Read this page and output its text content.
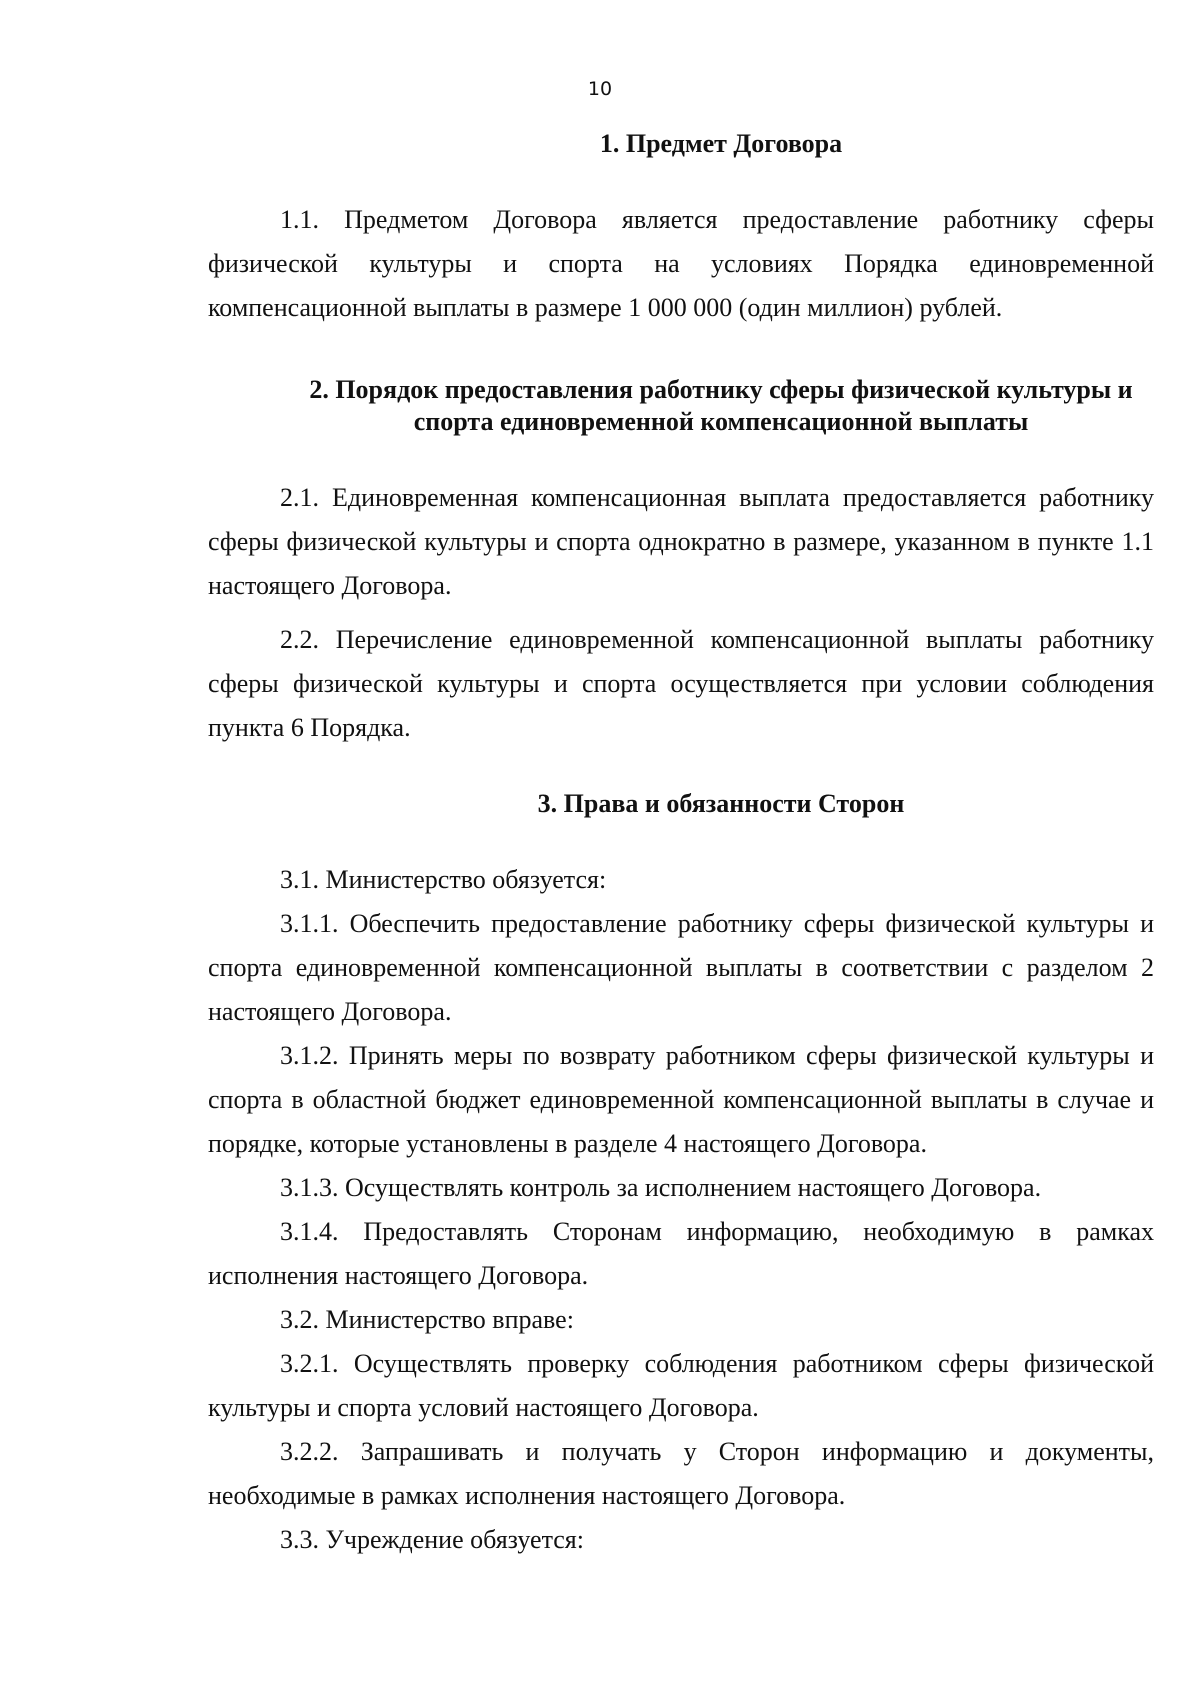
10
1. Предмет Договора

1.1. Предметом Договора является предоставление работнику сферы физической культуры и спорта на условиях Порядка единовременной компенсационной выплаты в размере 1 000 000 (один миллион) рублей.

2. Порядок предоставления работнику сферы физической культуры и
спорта единовременной компенсационной выплаты

2.1. Единовременная компенсационная выплата предоставляется работнику сферы физической культуры и спорта однократно в размере, указанном в пункте 1.1 настоящего Договора.

2.2. Перечисление единовременной компенсационной выплаты работнику сферы физической культуры и спорта осуществляется при условии соблюдения пункта 6 Порядка.

3. Права и обязанности Сторон

3.1. Министерство обязуется:

3.1.1. Обеспечить предоставление работнику сферы физической культуры и спорта единовременной компенсационной выплаты в соответствии с разделом 2 настоящего Договора.

3.1.2. Принять меры по возврату работником сферы физической культуры и спорта в областной бюджет единовременной компенсационной выплаты в случае и порядке, которые установлены в разделе 4 настоящего Договора.

3.1.3. Осуществлять контроль за исполнением настоящего Договора.

3.1.4. Предоставлять Сторонам информацию, необходимую в рамках исполнения настоящего Договора.

3.2. Министерство вправе:

3.2.1. Осуществлять проверку соблюдения работником сферы физической культуры и спорта условий настоящего Договора.

3.2.2. Запрашивать и получать у Сторон информацию и документы, необходимые в рамках исполнения настоящего Договора.

3.3. Учреждение обязуется:
